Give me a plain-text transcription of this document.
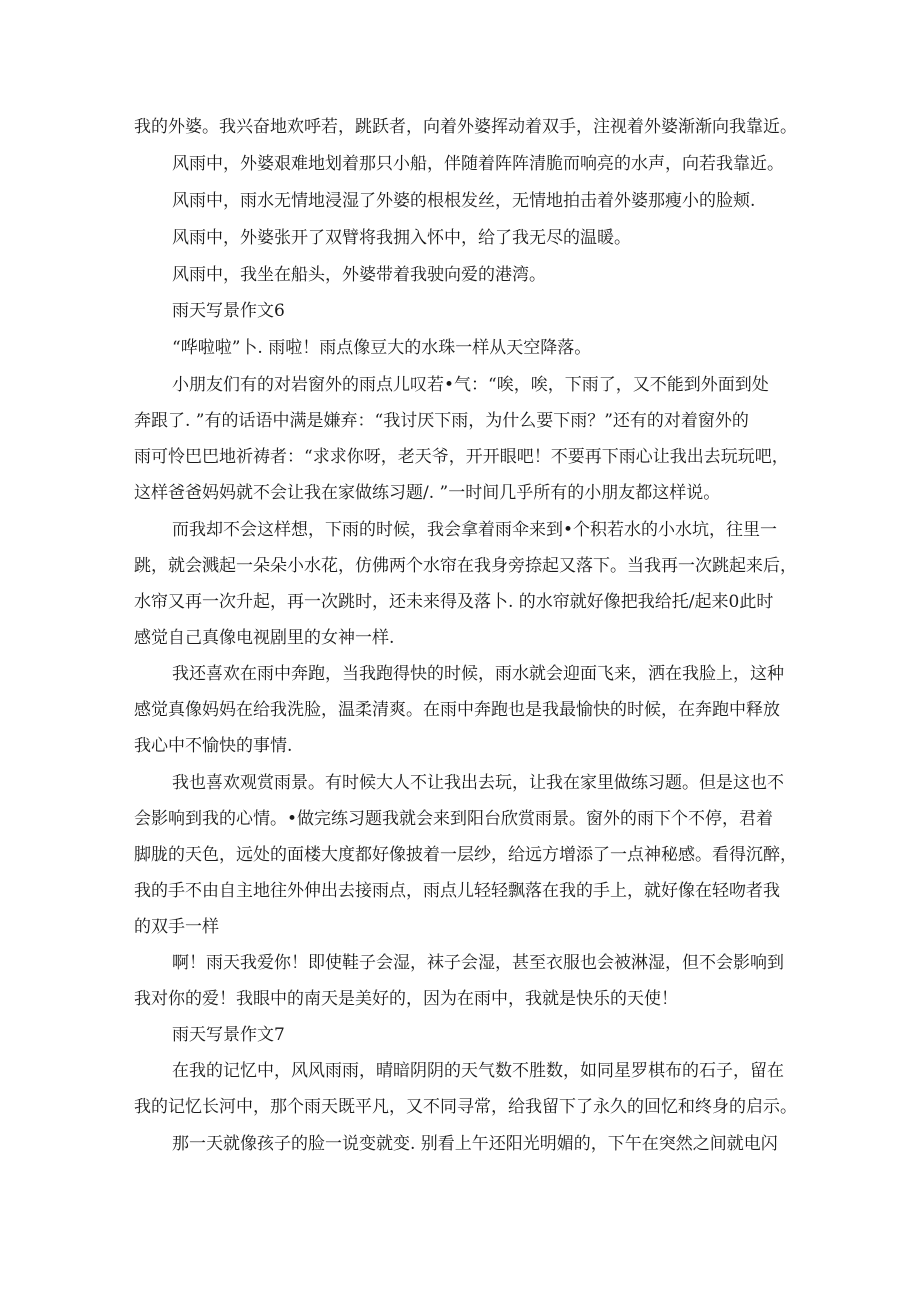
我的外婆。我兴奋地欢呼若，跳跃者，向着外婆挥动着双手，注视着外婆渐渐向我靠近。
风雨中，外婆艰难地划着那只小船，伴随着阵阵清脆而响亮的水声，向若我靠近。
风雨中，雨水无情地浸湿了外婆的根根发丝，无情地拍击着外婆那瘦小的脸颊.
风雨中，外婆张开了双臂将我拥入怀中，给了我无尽的温暖。
风雨中，我坐在船头，外婆带着我驶向爱的港湾。
雨天写景作文6
“哗啦啦”卜. 雨啦！雨点像豆大的水珠一样从天空降落。
小朋友们有的对岩窗外的雨点儿叹若•气：“唉，唉，下雨了，又不能到外面到处
奔跟了. ”有的话语中满是嫌弃：“我讨厌下雨，为什么要下雨？”还有的对着窗外的
雨可怜巴巴地祈祷者：“求求你呀，老天爷，开开眼吧！不要再下雨心让我出去玩玩吧，
这样爸爸妈妈就不会让我在家做练习题/. ”一时间几乎所有的小朋友都这样说。
而我却不会这样想，下雨的时候，我会拿着雨伞来到•个积若水的小水坑，往里一
跳，就会溅起一朵朵小水花，仿佛两个水帘在我身旁捺起又落下。当我再一次跳起来后，
水帘又再一次升起，再一次跳时，还未来得及落卜. 的水帘就好像把我给托/起来0此时
感觉自己真像电视剧里的女神一样.
我还喜欢在雨中奔跑，当我跑得快的时候，雨水就会迎面飞来，洒在我脸上，这种
感觉真像妈妈在给我洗脸，温柔清爽。在雨中奔跑也是我最愉快的时候，在奔跑中释放
我心中不愉快的事情.
我也喜欢观赏雨景。有时候大人不让我出去玩，让我在家里做练习题。但是这也不
会影响到我的心情。•做完练习题我就会来到阳台欣赏雨景。窗外的雨下个不停，君着
脚胧的天色，远处的面楼大度都好像披着一层纱，给远方增添了一点神秘感。看得沉醉，
我的手不由自主地往外伸出去接雨点，雨点儿轻轻飘落在我的手上，就好像在轻吻者我
的双手一样
啊！雨天我爱你！即使鞋子会湿，袜子会湿，甚至衣服也会被淋湿，但不会影响到
我对你的爱！我眼中的南天是美好的，因为在雨中，我就是快乐的天使！
雨天写景作文7
在我的记忆中，风风雨雨，晴暗阴阴的天气数不胜数，如同星罗棋布的石子，留在
我的记忆长河中，那个雨天既平凡，又不同寻常，给我留下了永久的回忆和终身的启示。
那一天就像孩子的脸一说变就变. 别看上午还阳光明媚的，下午在突然之间就电闪
